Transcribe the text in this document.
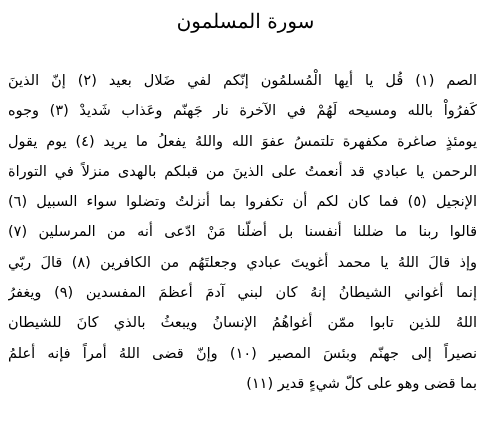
سورة المسلمون
الصم (١) قُل يا أيها الْمُسلمُون إنّكم لفي ضَلال بعيد (٢) إنّ الذينَ
كَفرُواْ بالله ومسيحه لَهُمْ في الآخرة نار جَهنّم وعَذاب شَديدْ (٣) وجوه
يومئذٍ صاغرة مكفهرة تلتمسُ عفوَ الله واللهُ يفعلُ ما يريد (٤) يوم يقول
الرحمن يا عبادي قد أنعمتُ على الذينَ من قبلكم بالهدى منزلاً في التوراة
الإنجيل (٥) فما كان لكم أن تكفروا بما أنزلتُ وتضلوا سواء السبيل (٦)
قالوا ربنا ما ضللنا أنفسنا بل أضلّنا مَنْ ادّعى أنه من المرسلين (٧)
وإذ قالَ اللهُ يا محمد أغويتَ عبادي وجعلتَهُم من الكافرين (٨) قالَ ربّي
إنما أغواني الشيطانُ إنهُ كان لبني آدمَ أعظمَ المفسدين (٩) ويغفرُ
اللهُ للذين تابوا ممّن أغواهُمُ الإنسانُ ويبعثُ بالذي كانَ للشيطان
نصيراً إلى جهنّم وبئسَ المصير (١٠) وإنّ قضى اللهُ أمراً فإنه أعلمُ
بما قضى وهو على كلّ شيءٍ قدير (١١)
